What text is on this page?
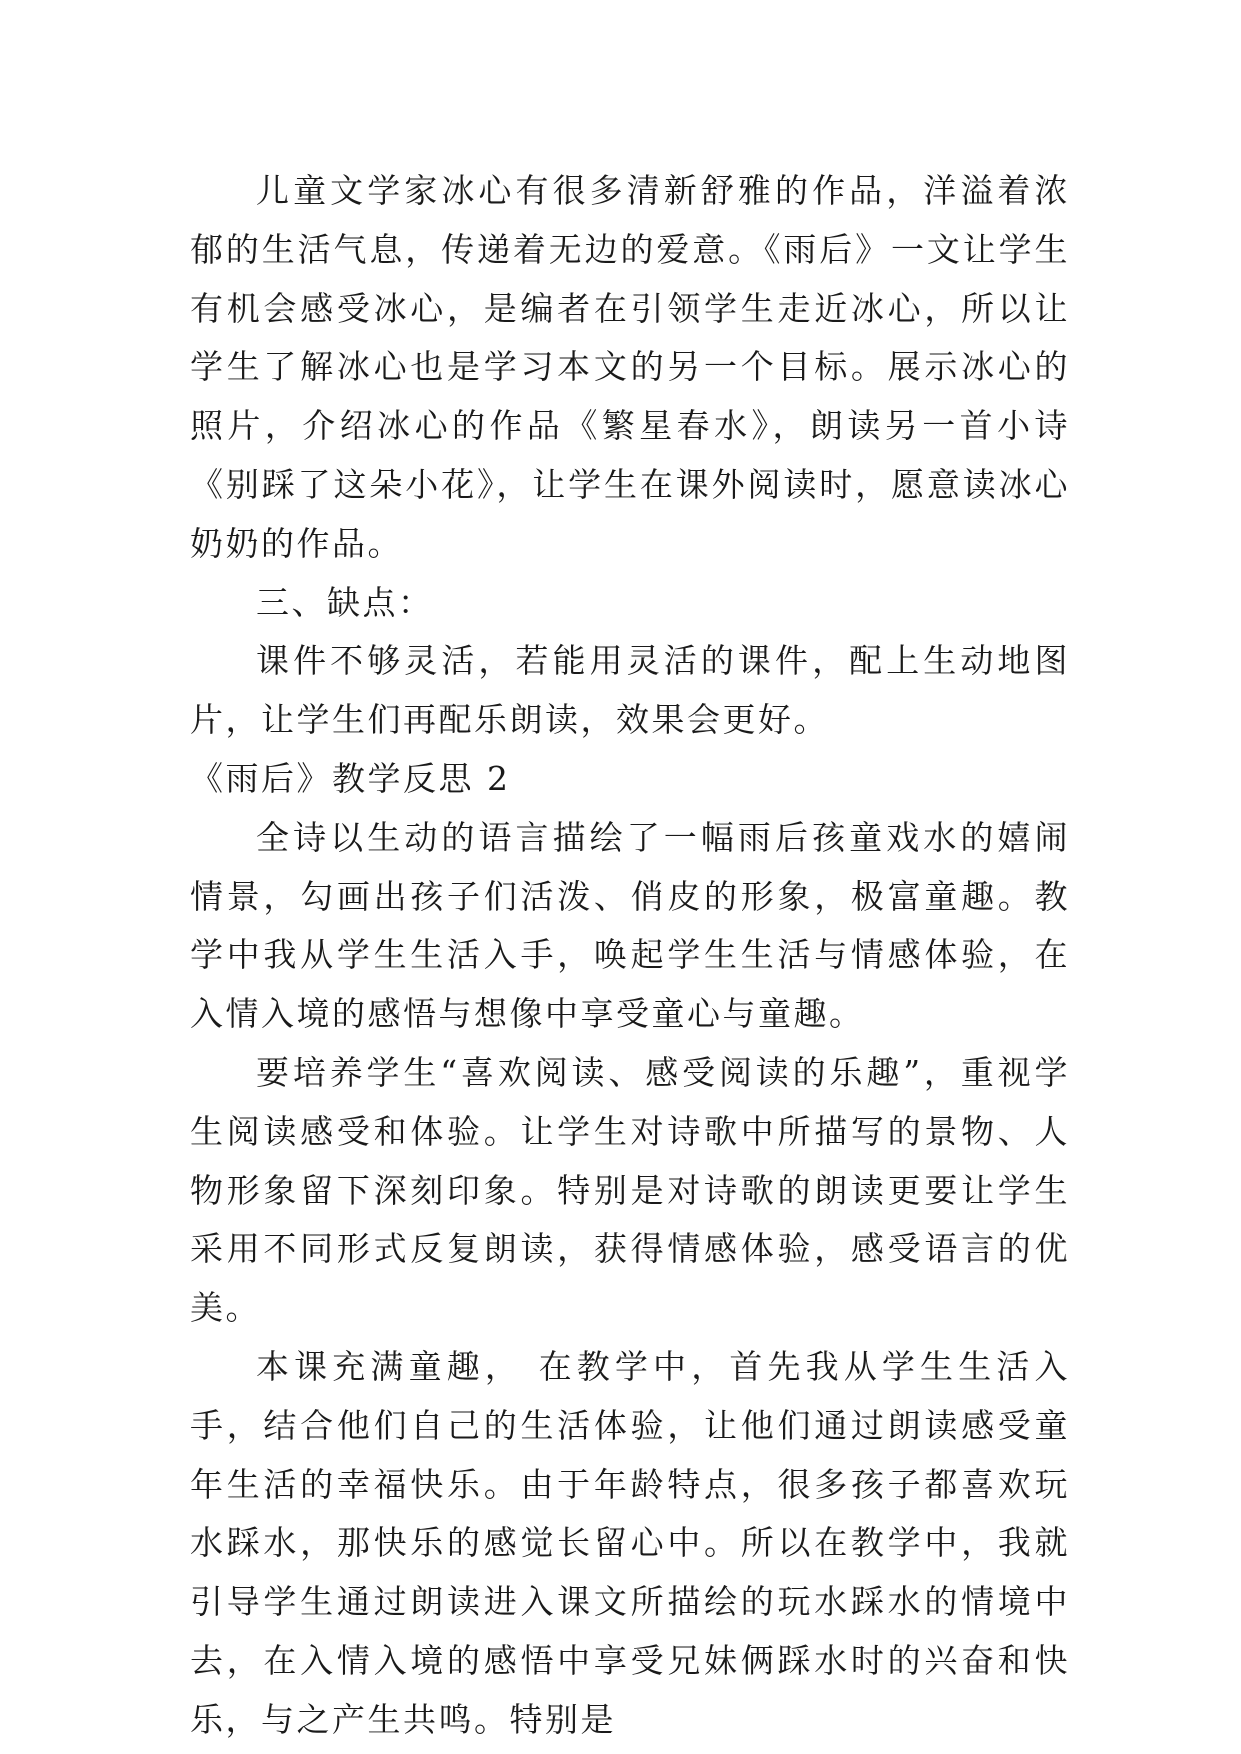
儿童文学家冰心有很多清新舒雅的作品，洋溢着浓郁的生活气息，传递着无边的爱意。《雨后》一文让学生有机会感受冰心，是编者在引领学生走近冰心，所以让学生了解冰心也是学习本文的另一个目标。展示冰心的照片，介绍冰心的作品《繁星春水》，朗读另一首小诗《别踩了这朵小花》，让学生在课外阅读时，愿意读冰心奶奶的作品。

三、缺点：

课件不够灵活，若能用灵活的课件，配上生动地图片，让学生们再配乐朗读，效果会更好。

《雨后》教学反思 2

全诗以生动的语言描绘了一幅雨后孩童戏水的嬉闹情景，勾画出孩子们活泼、俏皮的形象，极富童趣。教学中我从学生生活入手，唤起学生生活与情感体验，在入情入境的感悟与想像中享受童心与童趣。

要培养学生“喜欢阅读、感受阅读的乐趣”，重视学生阅读感受和体验。让学生对诗歌中所描写的景物、人物形象留下深刻印象。特别是对诗歌的朗读更要让学生采用不同形式反复朗读，获得情感体验，感受语言的优美。

本课充满童趣， 在教学中，首先我从学生生活入手，结合他们自己的生活体验，让他们通过朗读感受童年生活的幸福快乐。由于年龄特点，很多孩子都喜欢玩水踩水，那快乐的感觉长留心中。所以在教学中，我就引导学生通过朗读进入课文所描绘的玩水踩水的情境中去，在入情入境的感悟中享受兄妹俩踩水时的兴奋和快乐，与之产生共鸣。特别是
